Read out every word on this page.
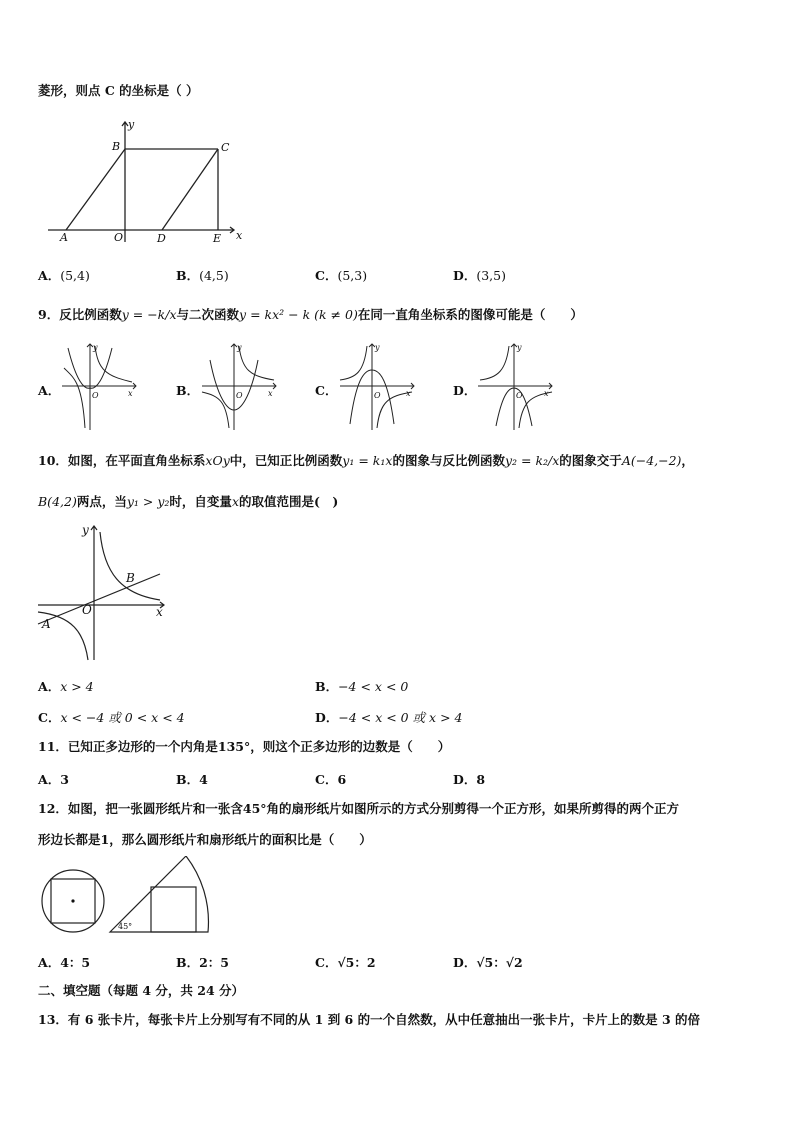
菱形，则点 C 的坐标是（ ）
y
x
B	C
A	O	D	E
A．(5,4)	B．(4,5)	C．(5,3)	D．(3,5)
9．反比例函数y = −k/x与二次函数y = kx² − k (k ≠ 0)在同一直角坐标系的图像可能是（　　）
A．	B．	C．	D．
y
x
O
y
x
O
y
x
O
y
x
O
10．如图，在平面直角坐标系xOy中，已知正比例函数y₁ = k₁x的图象与反比例函数y₂ = k₂/x的图象交于A(−4,−2)，
B(4,2)两点，当y₁ > y₂时，自变量x的取值范围是(　)
y
x
O
A
B
A．x > 4	B．−4 < x < 0
C．x < −4 或 0 < x < 4	D．−4 < x < 0 或 x > 4
11．已知正多边形的一个内角是135°，则这个正多边形的边数是（　　）
A．3	B．4	C．6	D．8
12．如图，把一张圆形纸片和一张含45°角的扇形纸片如图所示的方式分别剪得一个正方形，如果所剪得的两个正方
形边长都是1，那么圆形纸片和扇形纸片的面积比是（　　）
45°
A．4：5	B．2：5	C．√5：2	D．√5：√2
二、填空题（每题 4 分，共 24 分）
13．有 6 张卡片，每张卡片上分别写有不同的从 1 到 6 的一个自然数，从中任意抽出一张卡片，卡片上的数是 3 的倍
